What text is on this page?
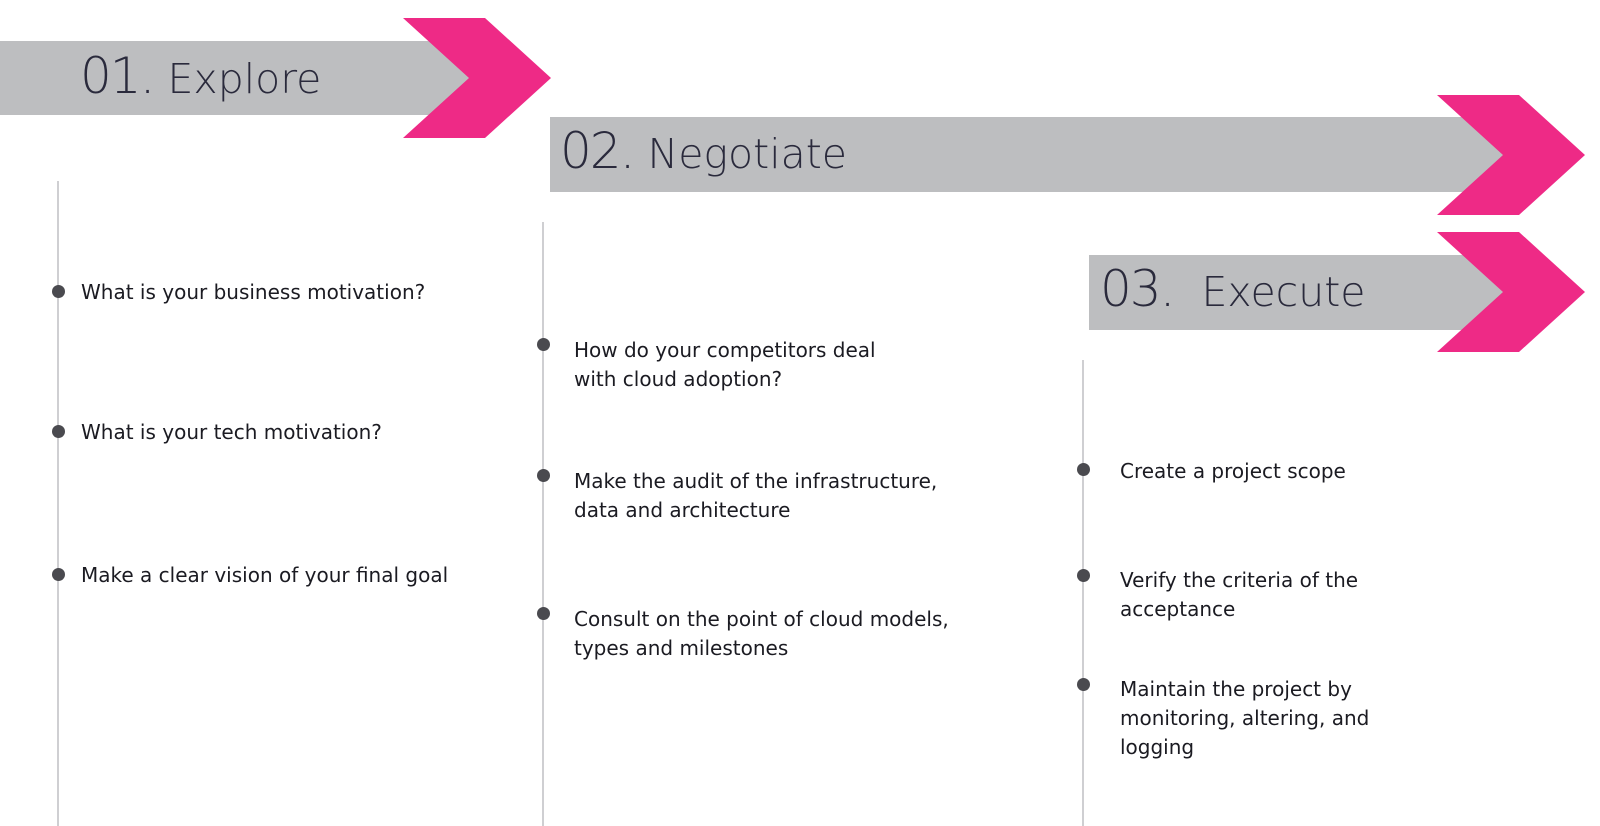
01. Explore
02. Negotiate
03. Execute
What is your business motivation?
What is your tech motivation?
Make a clear vision of your final goal
How do your competitors deal
with cloud adoption?
Make the audit of the infrastructure,
data and architecture
Consult on the point of cloud models,
types and milestones
Create a project scope
Verify the criteria of the
acceptance
Maintain the project by
monitoring, altering, and
logging
